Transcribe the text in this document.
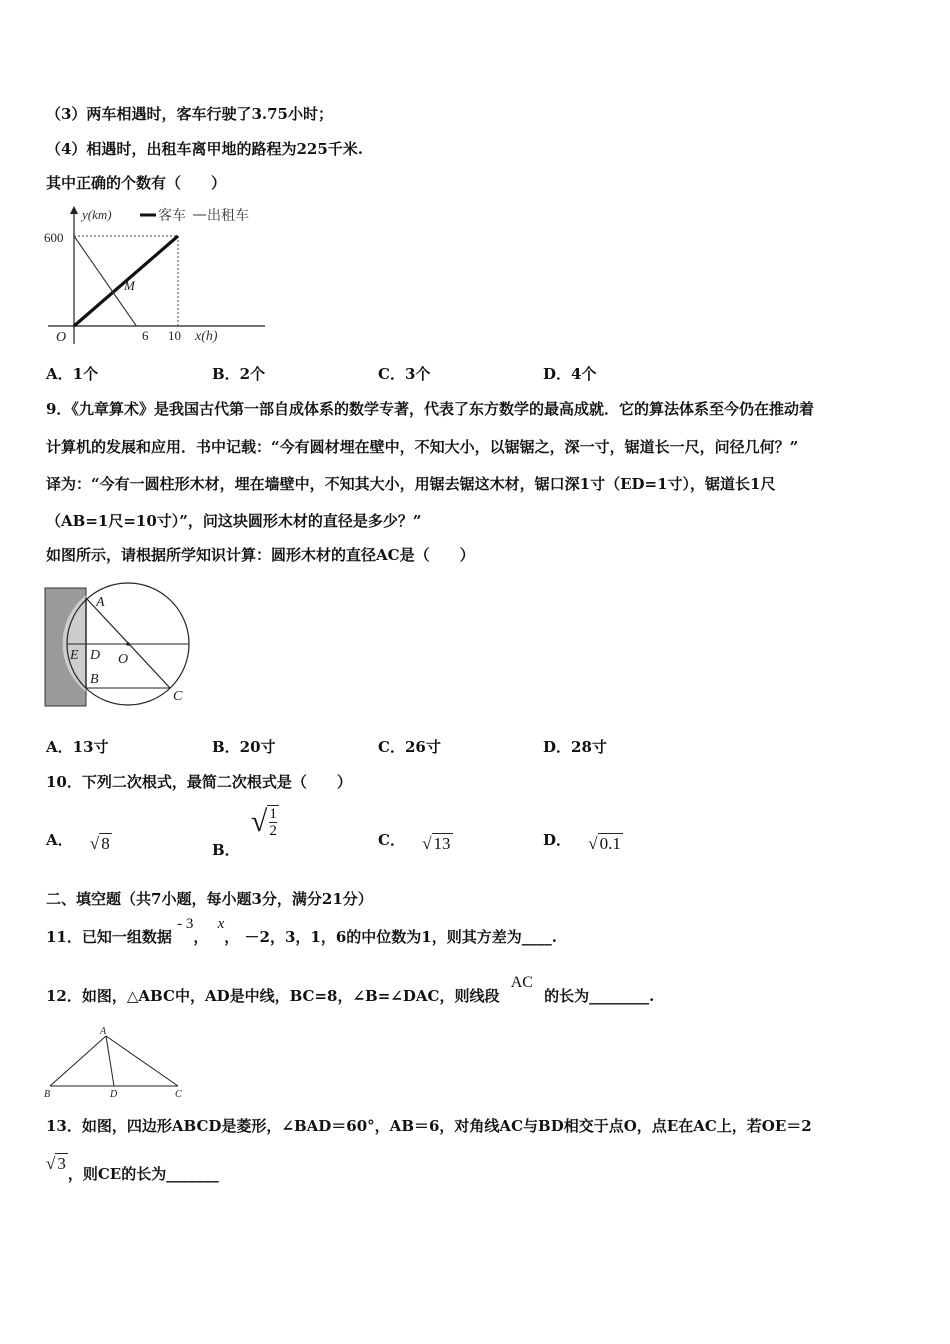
（3）两车相遇时，客车行驶了3.75小时；
（4）相遇时，出租车离甲地的路程为225千米.
其中正确的个数有（　　）
客车 出租车
y(km)
600
O	6 10 x(h)
M
A．1个	B．2个	C．3个	D．4个
9．《九章算术》是我国古代第一部自成体系的数学专著，代表了东方数学的最高成就．它的算法体系至今仍在推动着
计算机的发展和应用．书中记载：“今有圆材埋在壁中，不知大小，以锯锯之，深一寸，锯道长一尺，问径几何？”
译为：“今有一圆柱形木材，埋在墙壁中，不知其大小，用锯去锯这木材，锯口深1寸（ED=1寸），锯道长1尺
（AB=1尺=10寸）”，问这块圆形木材的直径是多少？”
如图所示，请根据所学知识计算：圆形木材的直径AC是（　　）
A
E D O
B
C
A．13寸	B．20寸	C．26寸	D．28寸
10．下列二次根式，最简二次根式是（　　）
A． √ 8	B． √ $\frac{1}{2}$
C． √ 13	D． √ 0.1
二、填空题（共7小题，每小题3分，满分21分）
11．已知一组数据 - 3， x， －2，3，1，6的中位数为1，则其方差为____.
12．如图，△ABC中，AD是中线，BC=8，∠B=∠DAC，则线段 AC 的长为________.
A
B	D	C
13．如图，四边形ABCD是菱形，∠BAD＝60°，AB＝6，对角线AC与BD相交于点O，点E在AC上，若OE＝2
√ 3，则CE的长为_______
